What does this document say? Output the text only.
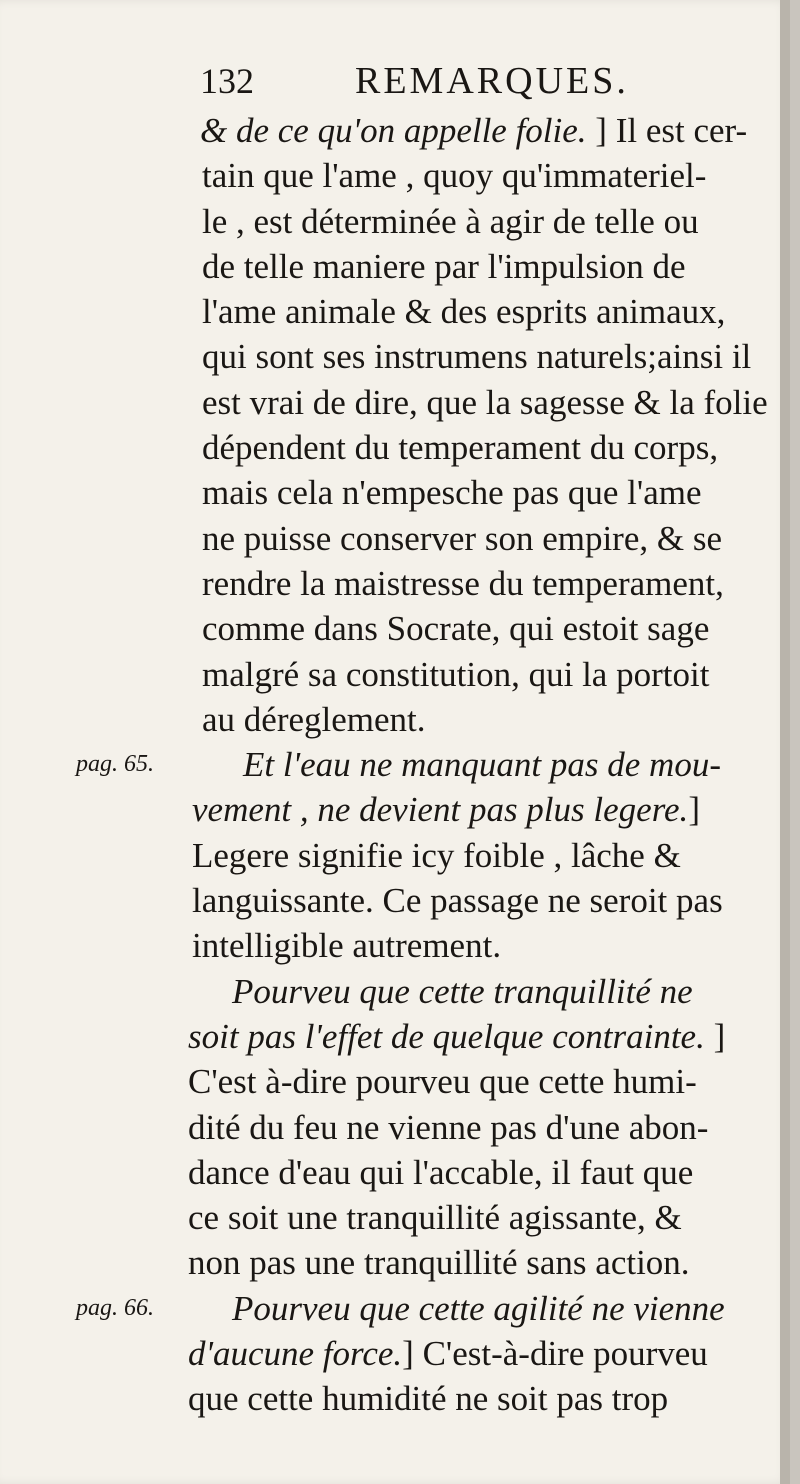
132	REMARQUES.
& de ce qu'on appelle folie. ] Il est cer-
tain que l'ame , quoy qu'immateriel-
le , est déterminée à agir de telle ou
de telle maniere par l'impulsion de
l'ame animale & des esprits animaux,
qui sont ses instrumens naturels;ainsi il
est vrai de dire, que la sagesse & la folie
dépendent du temperament du corps,
mais cela n'empesche pas que l'ame
ne puisse conserver son empire, & se
rendre la maistresse du temperament,
comme dans Socrate, qui estoit sage
malgré sa constitution, qui la portoit
au déreglement.
Et l'eau ne manquant pas de mou-
pag. 65.
vement , ne devient pas plus legere.]
Legere signifie icy foible , lâche &
languissante. Ce passage ne seroit pas
intelligible autrement.
Pourveu que cette tranquillité ne
soit pas l'effet de quelque contrainte. ]
C'est à-dire pourveu que cette humi-
dité du feu ne vienne pas d'une abon-
dance d'eau qui l'accable, il faut que
ce soit une tranquillité agissante, &
non pas une tranquillité sans action.
Pourveu que cette agilité ne vienne
pag. 66.
d'aucune force.] C'est-à-dire pourveu
que cette humidité ne soit pas trop
